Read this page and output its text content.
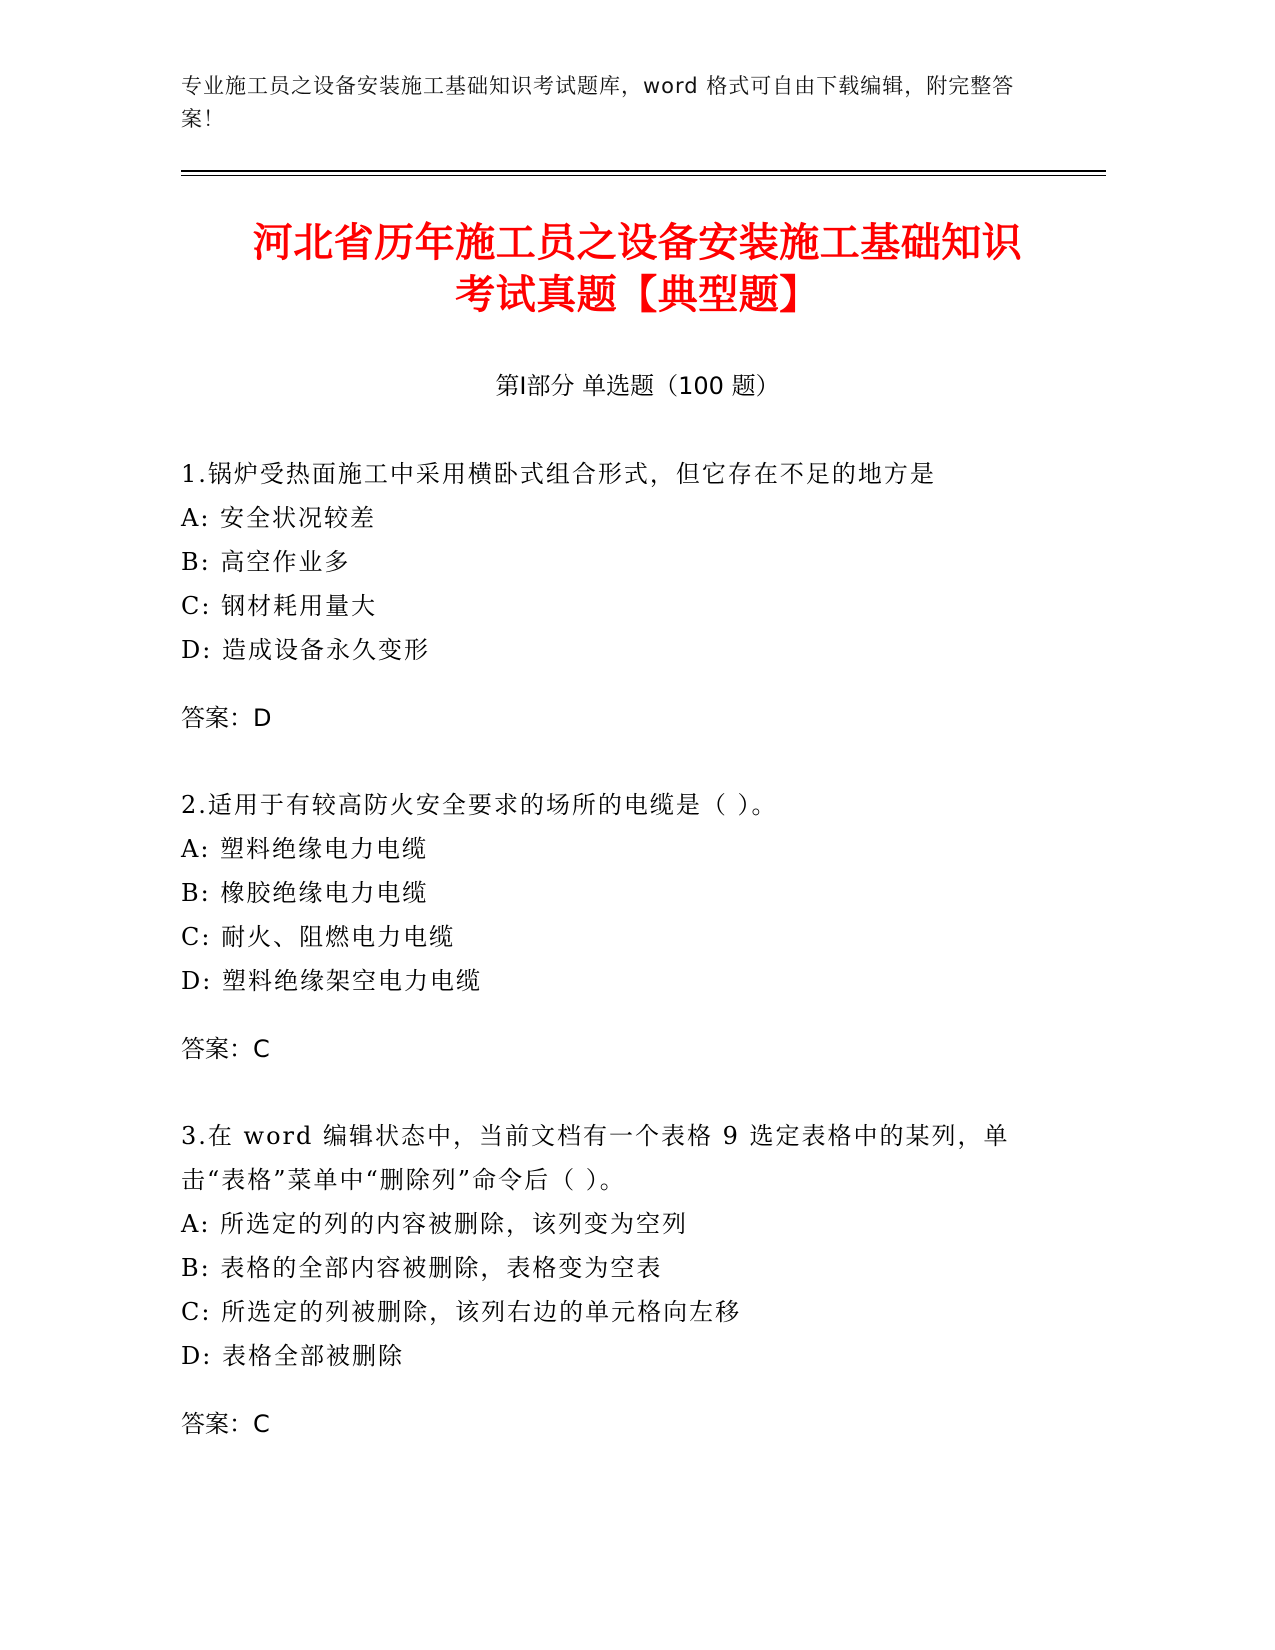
专业施工员之设备安装施工基础知识考试题库，word 格式可自由下载编辑，附完整答案！
河北省历年施工员之设备安装施工基础知识
考试真题【典型题】
第Ⅰ部分 单选题（100 题）

1.锅炉受热面施工中采用横卧式组合形式，但它存在不足的地方是

A: 安全状况较差

B: 高空作业多

C: 钢材耗用量大

D: 造成设备永久变形

答案：D

2.适用于有较高防火安全要求的场所的电缆是（ ）。

A: 塑料绝缘电力电缆

B: 橡胶绝缘电力电缆

C: 耐火、阻燃电力电缆

D: 塑料绝缘架空电力电缆

答案：C

3.在 word 编辑状态中，当前文档有一个表格 9 选定表格中的某列，单击“表格”菜单中“删除列”命令后（ ）。

A: 所选定的列的内容被删除，该列变为空列

B: 表格的全部内容被删除，表格变为空表

C: 所选定的列被删除，该列右边的单元格向左移

D: 表格全部被删除

答案：C
